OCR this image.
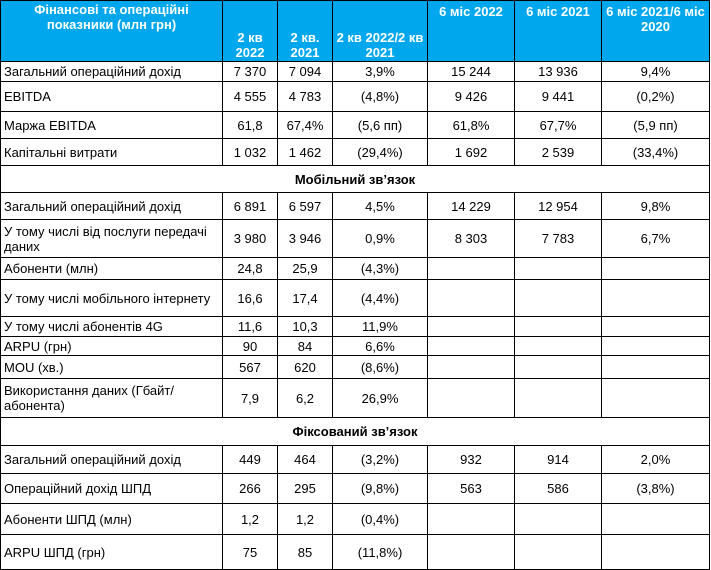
Фінансові та операційні показники (млн грн)	2 кв 2022	2 кв. 2021	2 кв 2022/2 кв 2021	6 міс 2022	6 міс 2021	6 міс 2021/6 міс 2020
Загальний операційний дохід	7 370	7 094	3,9%	15 244	13 936	9,4%
EBITDA	4 555	4 783	(4,8%)	9 426	9 441	(0,2%)
Маржа EBITDA	61,8	67,4%	(5,6 пп)	61,8%	67,7%	(5,9 пп)
Капітальні витрати	1 032	1 462	(29,4%)	1 692	2 539	(33,4%)
Мобільний зв’язок						
Загальний операційний дохід	6 891	6 597	4,5%	14 229	12 954	9,8%
У тому числі від послуги передачі даних	3 980	3 946	0,9%	8 303	7 783	6,7%
Абоненти (млн)	24,8	25,9	(4,3%)			
У тому числі мобільного інтернету	16,6	17,4	(4,4%)			
У тому числі абонентів 4G	11,6	10,3	11,9%			
ARPU (грн)	90	84	6,6%			
MOU (хв.)	567	620	(8,6%)			
Використання даних (Гбайт/абонента)	7,9	6,2	26,9%			
Фіксований зв’язок						
Загальний операційний дохід	449	464	(3,2%)	932	914	2,0%
Операційний дохід ШПД	266	295	(9,8%)	563	586	(3,8%)
Абоненти ШПД (млн)	1,2	1,2	(0,4%)			
ARPU ШПД (грн)	75	85	(11,8%)			
